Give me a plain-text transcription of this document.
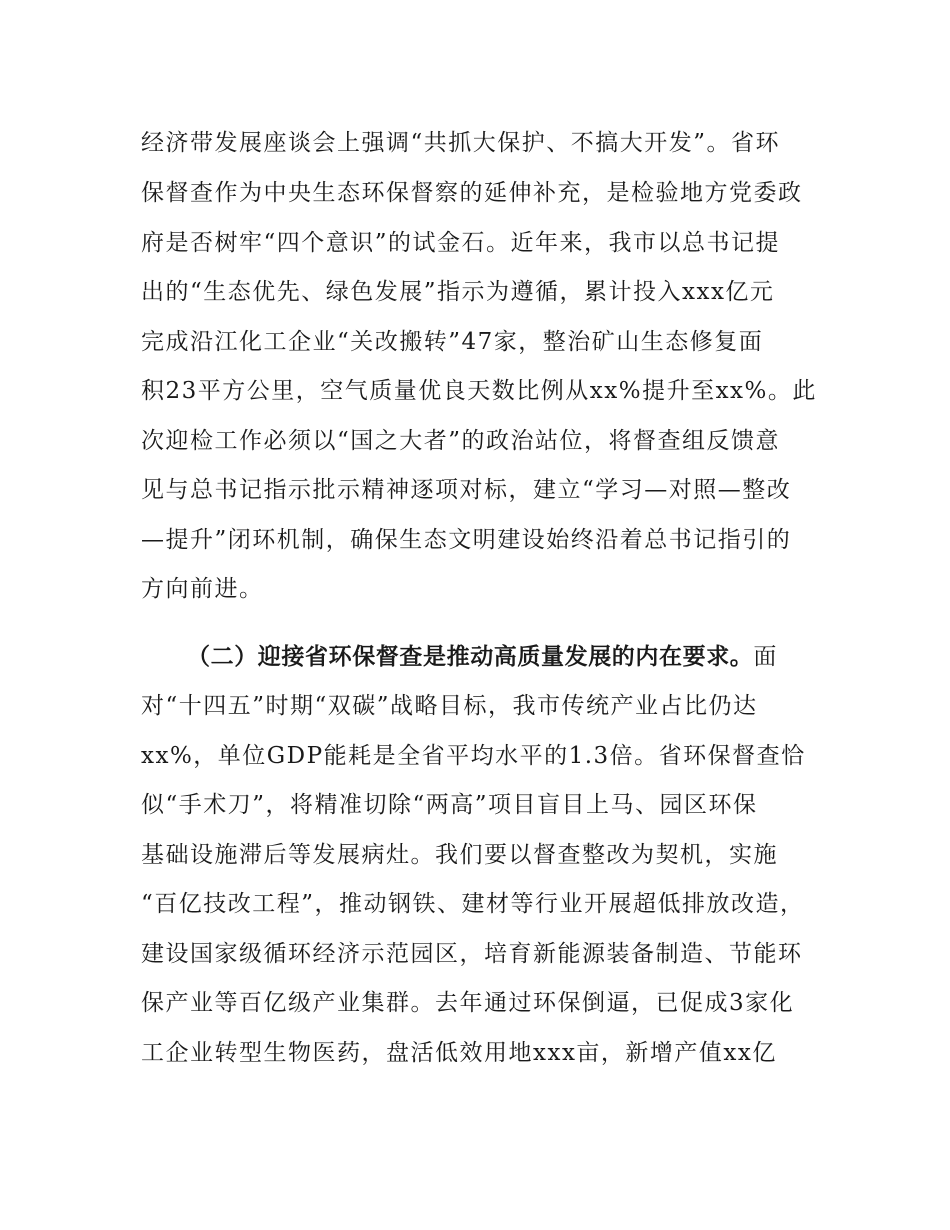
经济带发展座谈会上强调“共抓大保护、不搞大开发”。省环
保督查作为中央生态环保督察的延伸补充，是检验地方党委政
府是否树牢“四个意识”的试金石。近年来，我市以总书记提
出的“生态优先、绿色发展”指示为遵循，累计投入xxx亿元
完成沿江化工企业“关改搬转”47家，整治矿山生态修复面
积23平方公里，空气质量优良天数比例从xx%提升至xx%。此
次迎检工作必须以“国之大者”的政治站位，将督查组反馈意
见与总书记指示批示精神逐项对标，建立“学习—对照—整改
—提升”闭环机制，确保生态文明建设始终沿着总书记指引的
方向前进。
（二）迎接省环保督查是推动高质量发展的内在要求。面
对“十四五”时期“双碳”战略目标，我市传统产业占比仍达
xx%，单位GDP能耗是全省平均水平的1.3倍。省环保督查恰
似“手术刀”，将精准切除“两高”项目盲目上马、园区环保
基础设施滞后等发展病灶。我们要以督查整改为契机，实施
“百亿技改工程”，推动钢铁、建材等行业开展超低排放改造，
建设国家级循环经济示范园区，培育新能源装备制造、节能环
保产业等百亿级产业集群。去年通过环保倒逼，已促成3家化
工企业转型生物医药，盘活低效用地xxx亩，新增产值xx亿
